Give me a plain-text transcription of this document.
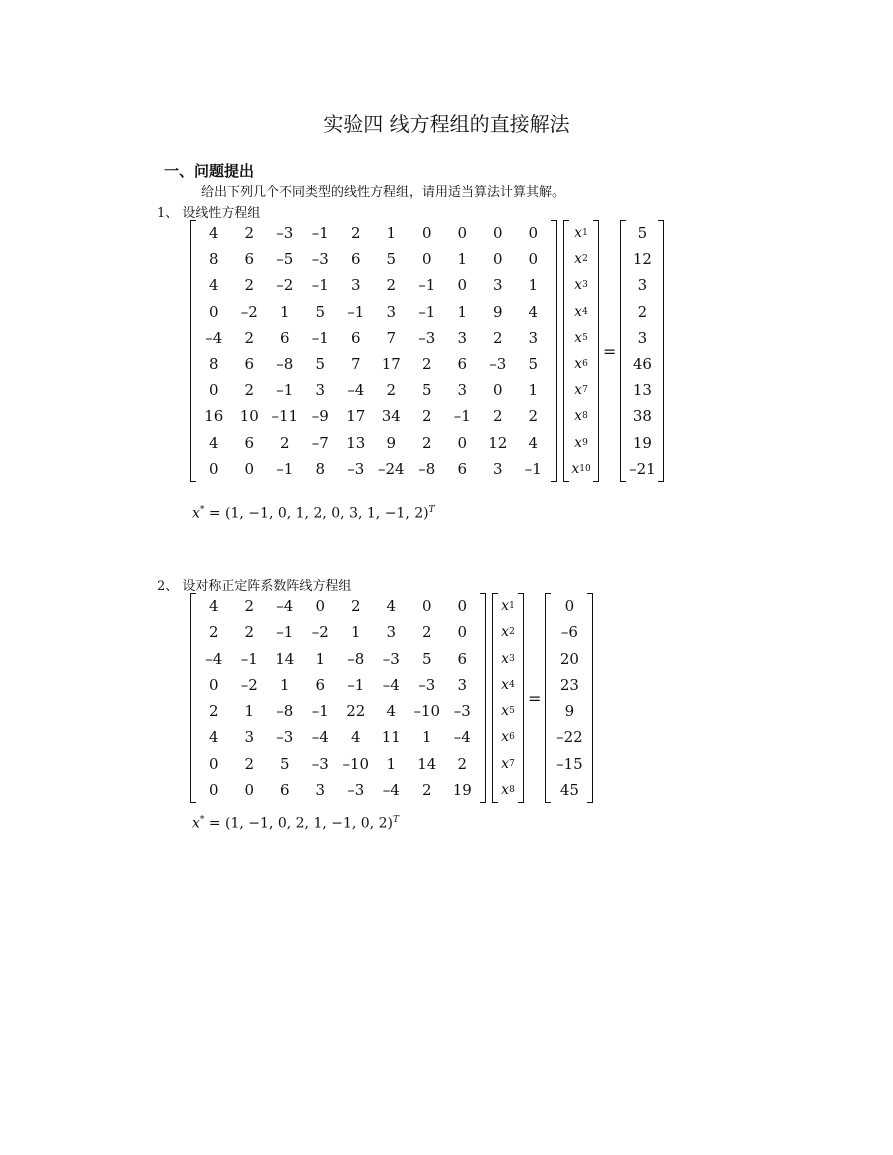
实验四 线方程组的直接解法
一、问题提出
给出下列几个不同类型的线性方程组，请用适当算法计算其解。
1、 设线性方程组
4	2	–3	–1	2	1	0	0	0	0
8	6	–5	–3	6	5	0	1	0	0
4	2	–2	–1	3	2	–1	0	3	1
0	–2	1	5	–1	3	–1	1	9	4
–4	2	6	–1	6	7	–3	3	2	3
8	6	–8	5	7	17	2	6	–3	5
0	2	–1	3	–4	2	5	3	0	1
16	10 –11 –9	17	34	2	–1	2	2
4	6	2	–7	13	9	2	0	12	4
0	0	–1	8	–3 –24 –8	6	3	–1
x 1
x 2
x 3
x 4
x 5
x 6
x 7
x 8
x 9
x 10
=
5
12
3
2
3
46
13
38
19
–21
x* = (1, −1, 0, 1, 2, 0, 3, 1, −1, 2)$^T$
2、 设对称正定阵系数阵线方程组
4	2	–4	0	2	4	0	0
2	2	–1	–2	1	3	2	0
–4	–1	14	1	–8	–3	5	6
0	–2	1	6	–1	–4	–3	3
2	1	–8	–1	22	4	–10 –3
4	3	–3	–4	4	11	1	–4
0	2	5	–3 –10	1	14	2
0	0	6	3	–3	–4	2	19
x 1
x 2
x 3
x 4
x 5
x 6
x 7
x 8
=
0
–6
20
23
9
–22
–15
45
x* = (1, −1, 0, 2, 1, −1, 0, 2)$^T$
